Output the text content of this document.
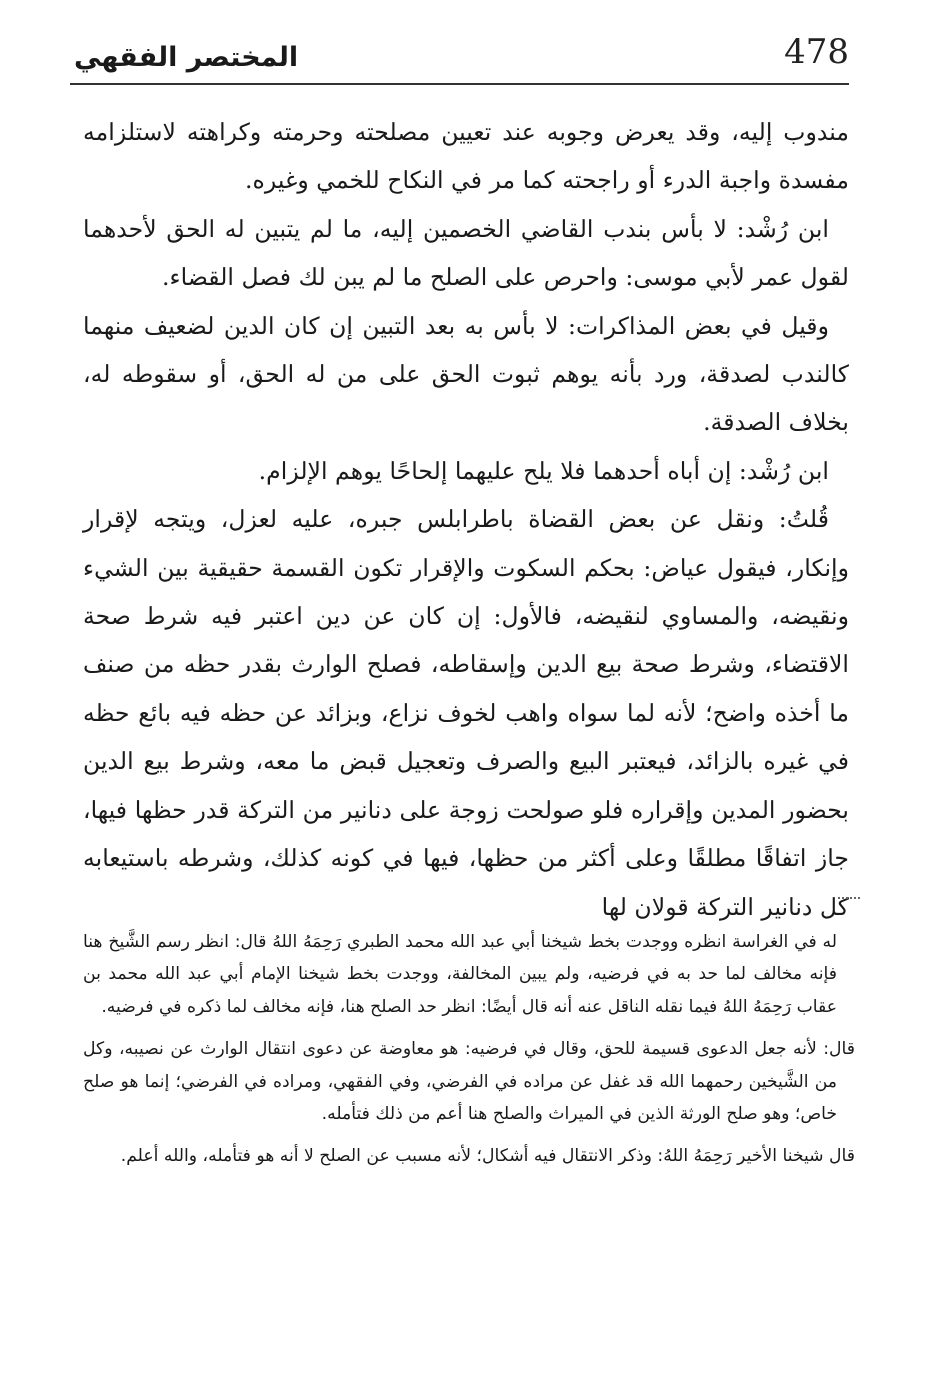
478
المختصر الفقهي

مندوب إليه، وقد يعرض وجوبه عند تعيين مصلحته وحرمته وكراهته لاستلزامه مفسدة واجبة الدرء أو راجحته كما مر في النكاح للخمي وغيره.

ابن رُشْد: لا بأس بندب القاضي الخصمين إليه، ما لم يتبين له الحق لأحدهما لقول عمر لأبي موسى: واحرص على الصلح ما لم يبن لك فصل القضاء.

وقيل في بعض المذاكرات: لا بأس به بعد التبين إن كان الدين لضعيف منهما كالندب لصدقة، ورد بأنه يوهم ثبوت الحق على من له الحق، أو سقوطه له، بخلاف الصدقة.

ابن رُشْد: إن أباه أحدهما فلا يلح عليهما إلحاحًا يوهم الإلزام.

قُلتُ: ونقل عن بعض القضاة باطرابلس جبره، عليه لعزل، ويتجه لإقرار وإنكار، فيقول عياض: بحكم السكوت والإقرار تكون القسمة حقيقية بين الشيء ونقيضه، والمساوي لنقيضه، فالأول: إن كان عن دين اعتبر فيه شرط صحة الاقتضاء، وشرط صحة بيع الدين وإسقاطه، فصلح الوارث بقدر حظه من صنف ما أخذه واضح؛ لأنه لما سواه واهب لخوف نزاع، وبزائد عن حظه فيه بائع حظه في غيره بالزائد، فيعتبر البيع والصرف وتعجيل قبض ما معه، وشرط بيع الدين بحضور المدين وإقراره فلو صولحت زوجة على دنانير من التركة قدر حظها فيها، جاز اتفاقًا مطلقًا وعلى أكثر من حظها، فيها في كونه كذلك، وشرطه باستيعابه كل دنانير التركة قولان لها

له في الغراسة انظره ووجدت بخط شيخنا أبي عبد الله محمد الطبري رَحِمَهُ اللهُ قال: انظر رسم الشَّيخ هنا فإنه مخالف لما حد به في فرضيه، ولم يبين المخالفة، ووجدت بخط شيخنا الإمام أبي عبد الله محمد بن عقاب رَحِمَهُ اللهُ فيما نقله الناقل عنه أنه قال أيضًا: انظر حد الصلح هنا، فإنه مخالف لما ذكره في فرضيه.

قال: لأنه جعل الدعوى قسيمة للحق، وقال في فرضيه: هو معاوضة عن دعوى انتقال الوارث عن نصيبه، وكل من الشَّيخين رحمهما الله قد غفل عن مراده في الفرضي، وفي الفقهي، ومراده في الفرضي؛ إنما هو صلح خاص؛ وهو صلح الورثة الذين في الميراث والصلح هنا أعم من ذلك فتأمله.

قال شيخنا الأخير رَحِمَهُ اللهُ: وذكر الانتقال فيه أشكال؛ لأنه مسبب عن الصلح لا أنه هو فتأمله، والله أعلم.
